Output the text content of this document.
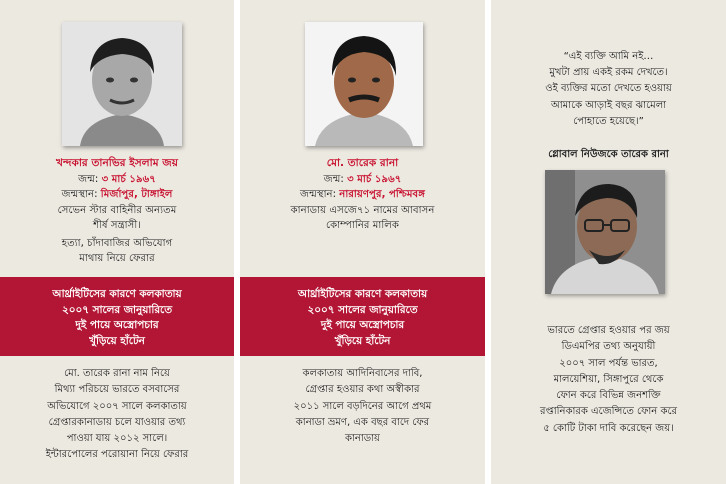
খন্দকার তানভির ইসলাম জয়
জন্ম: ৩ মার্চ ১৯৬৭
জন্মস্থান: মির্জাপুর, টাঙ্গাইল
সেভেন স্টার বাহিনীর অন্যতম
শীর্ষ সন্ত্রাসী।
হত্যা, চাঁদাবাজির অভিযোগ
মাথায় নিয়ে ফেরার
মো. তারেক রানা
জন্ম: ৩ মার্চ ১৯৬৭
জন্মস্থান: নারায়ণপুর, পশ্চিমবঙ্গ
কানাডায় এসজে৭১ নামের আবাসন
কোম্পানির মালিক
আর্থ্রাইটিসের কারণে কলকাতায়
২০০৭ সালের জানুয়ারিতে
দুই পায়ে অস্ত্রোপচার
খুঁড়িয়ে হাঁটেন
আর্থ্রাইটিসের কারণে কলকাতায়
২০০৭ সালের জানুয়ারিতে
দুই পায়ে অস্ত্রোপচার
খুঁড়িয়ে হাঁটেন
মো. তারেক রানা নাম নিয়ে
মিথ্যা পরিচয়ে ভারতে বসবাসের
অভিযোগে ২০০৭ সালে কলকাতায়
গ্রেপ্তারকানাডায় চলে যাওয়ার তথ্য
পাওয়া যায় ২০১২ সালে।
ইন্টারপোলের পরোয়ানা নিয়ে ফেরার
কলকাতায় আদিনিবাসের দাবি,
গ্রেপ্তার হওয়ার কথা অস্বীকার
২০১১ সালে বড়দিনের আগে প্রথম
কানাডা ভ্রমণ, এক বছর বাদে ফের
কানাডায়
“এই ব্যক্তি আমি নই…
মুখটা প্রায় একই রকম দেখতে।
ওই ব্যক্তির মতো দেখতে হওয়ায়
আমাকে আড়াই বছর ঝামেলা
পোহাতে হয়েছে।”
গ্লোবাল নিউজকে তারেক রানা
ভারতে গ্রেপ্তার হওয়ার পর জয়
ডিএমপির তথ্য অনুযায়ী
২০০৭ সাল পর্যন্ত ভারত,
মালয়েশিয়া, সিঙ্গাপুরে থেকে
ফোন করে বিভিন্ন জনশক্তি
রপ্তানিকারক এজেন্সিতে ফোন করে
৫ কোটি টাকা দাবি করেছেন জয়।
